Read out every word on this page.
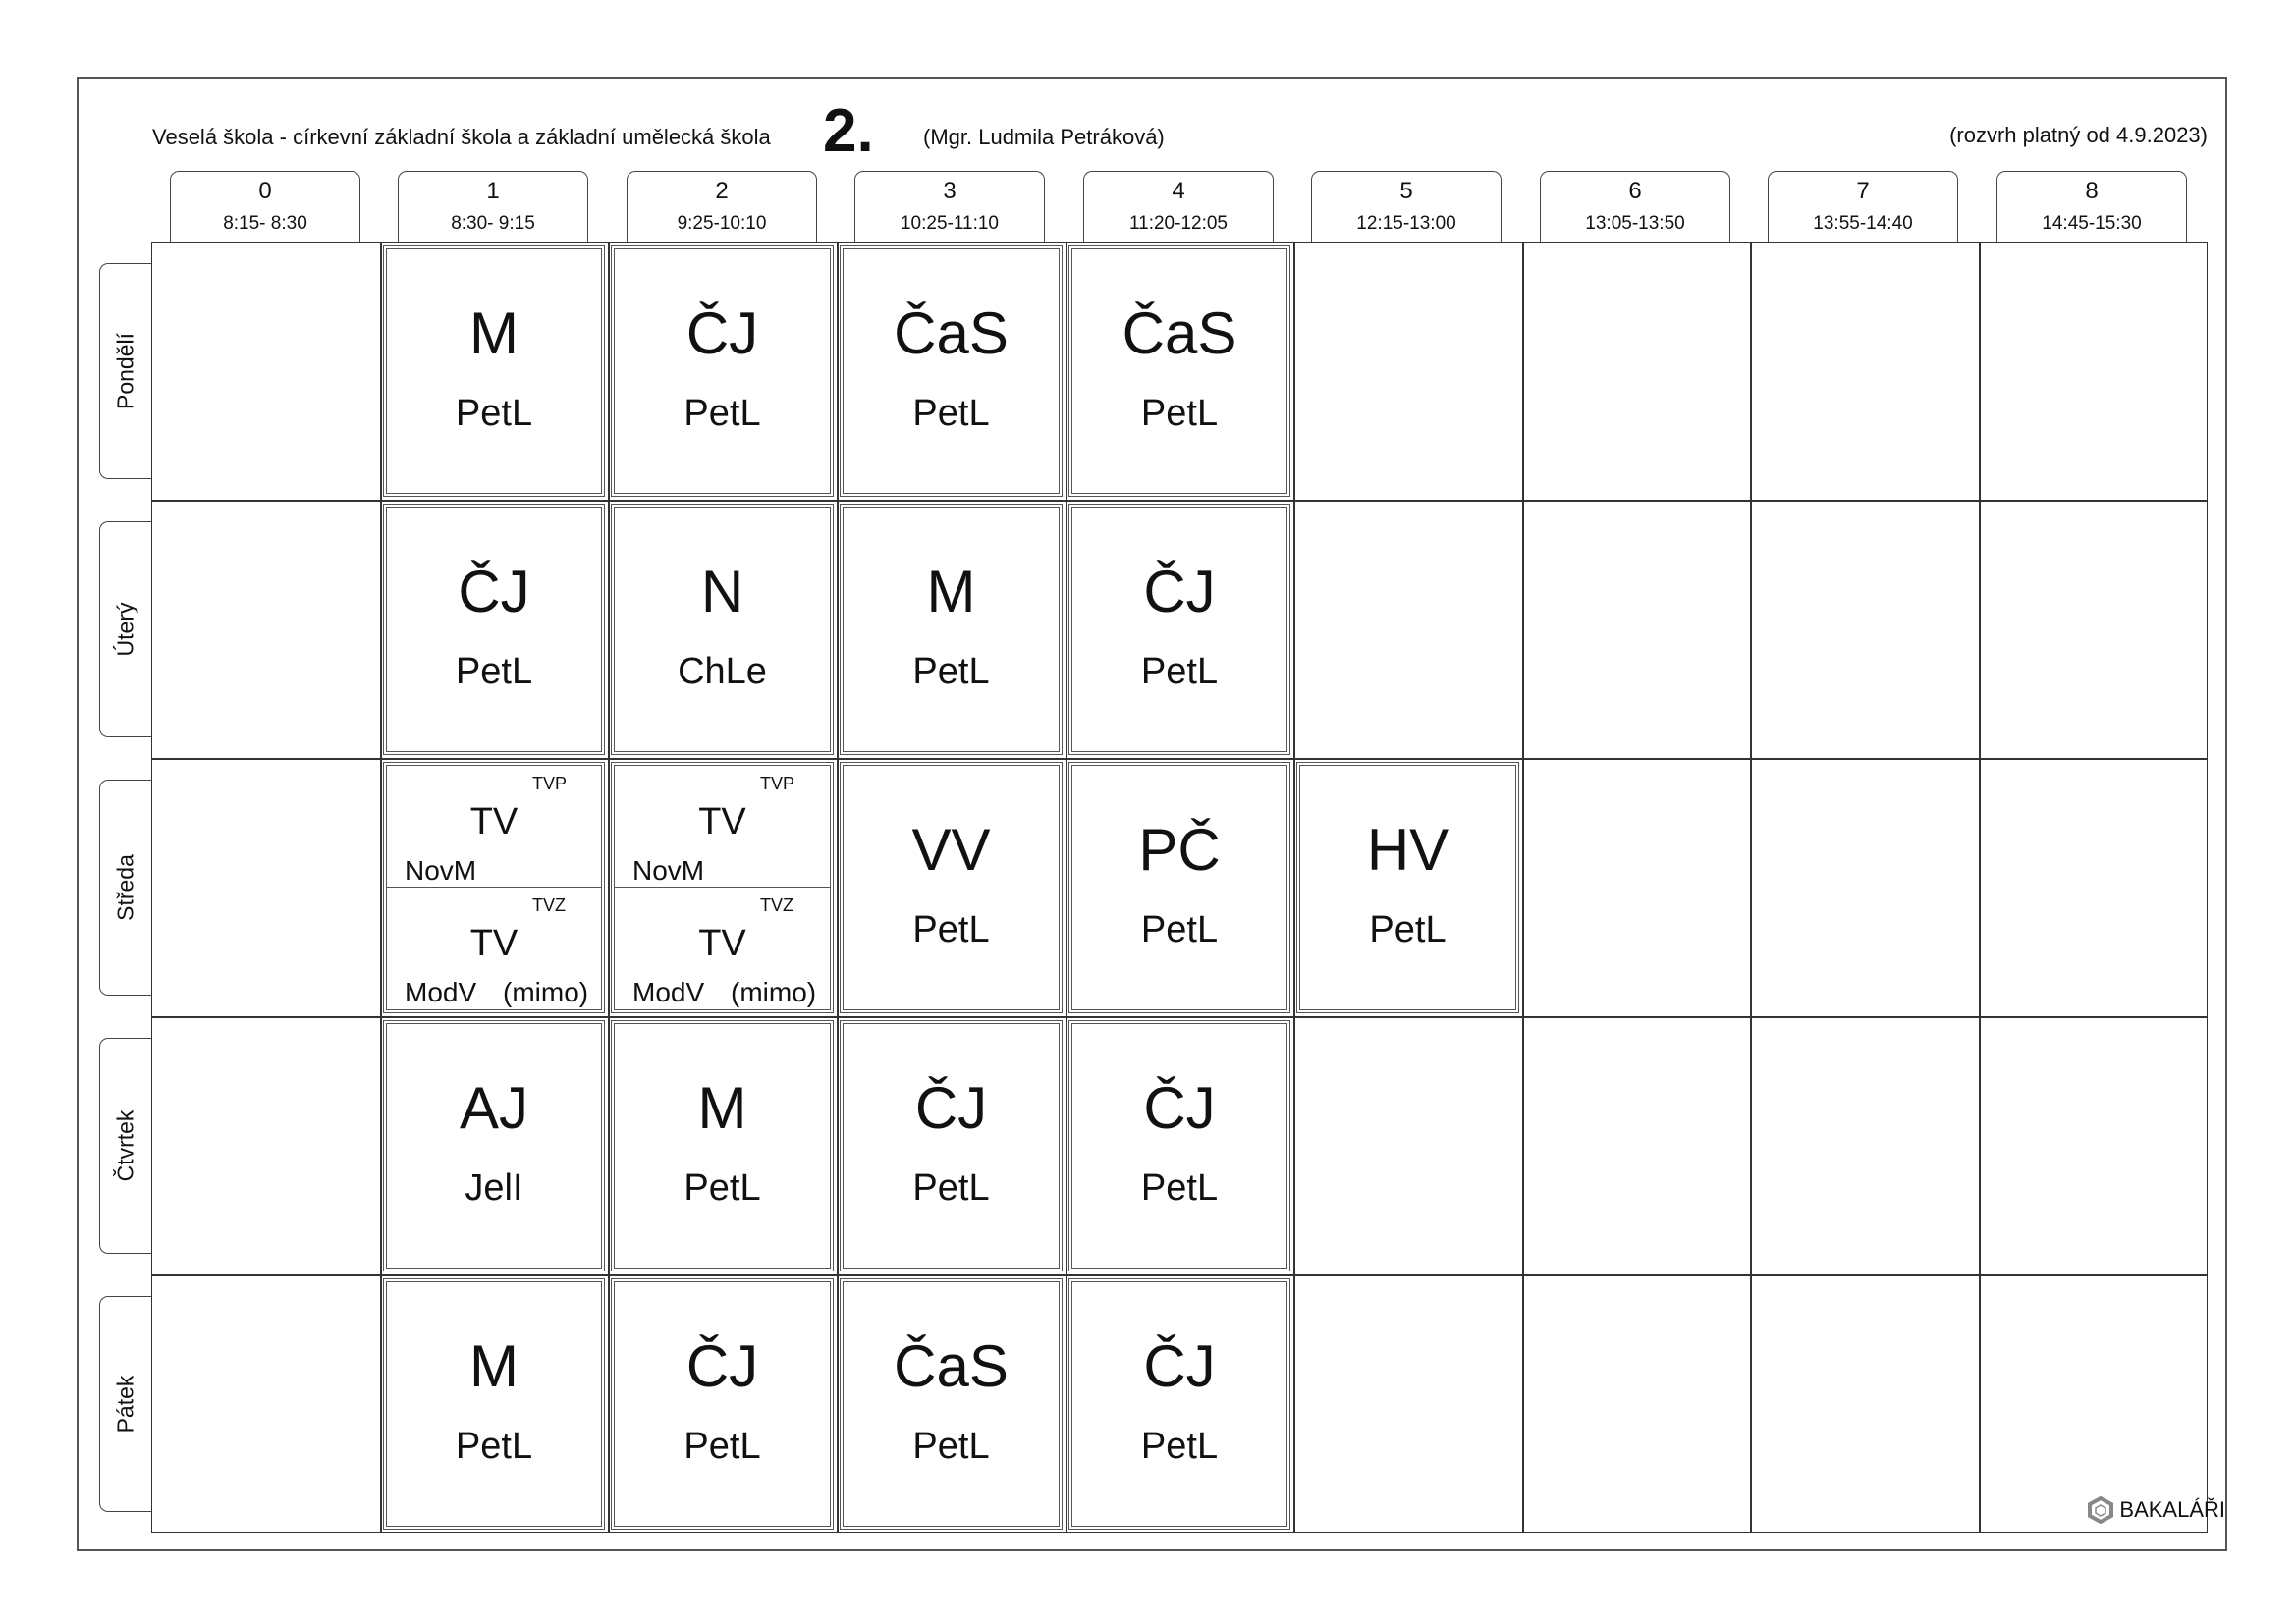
Veselá škola - církevní základní škola a základní umělecká škola 2. (Mgr. Ludmila Petráková)	(rozvrh platný od 4.9.2023)
0
8:15- 8:30
1
8:30- 9:15
2
9:25-10:10
3
10:25-11:10
4
11:20-12:05
5
12:15-13:00
6
13:05-13:50
7
13:55-14:40
8
14:45-15:30
Pondělí
Úterý
Středa
Čtvrtek
Pátek
M
PetL
ČJ
PetL
ČaS
PetL
ČaS
PetL
ČJ
PetL
N
ChLe
M
PetL
ČJ
PetL
TVP
TV
NovM
TVZ
TV
ModV (mimo)
TVP
TV
NovM
TVZ
TV
ModV (mimo)
VV
PetL
PČ
PetL
HV
PetL
AJ
JelI
M
PetL
ČJ
PetL
ČJ
PetL
M
PetL
ČJ
PetL
ČaS
PetL
ČJ
PetL
BAKALÁŘI
